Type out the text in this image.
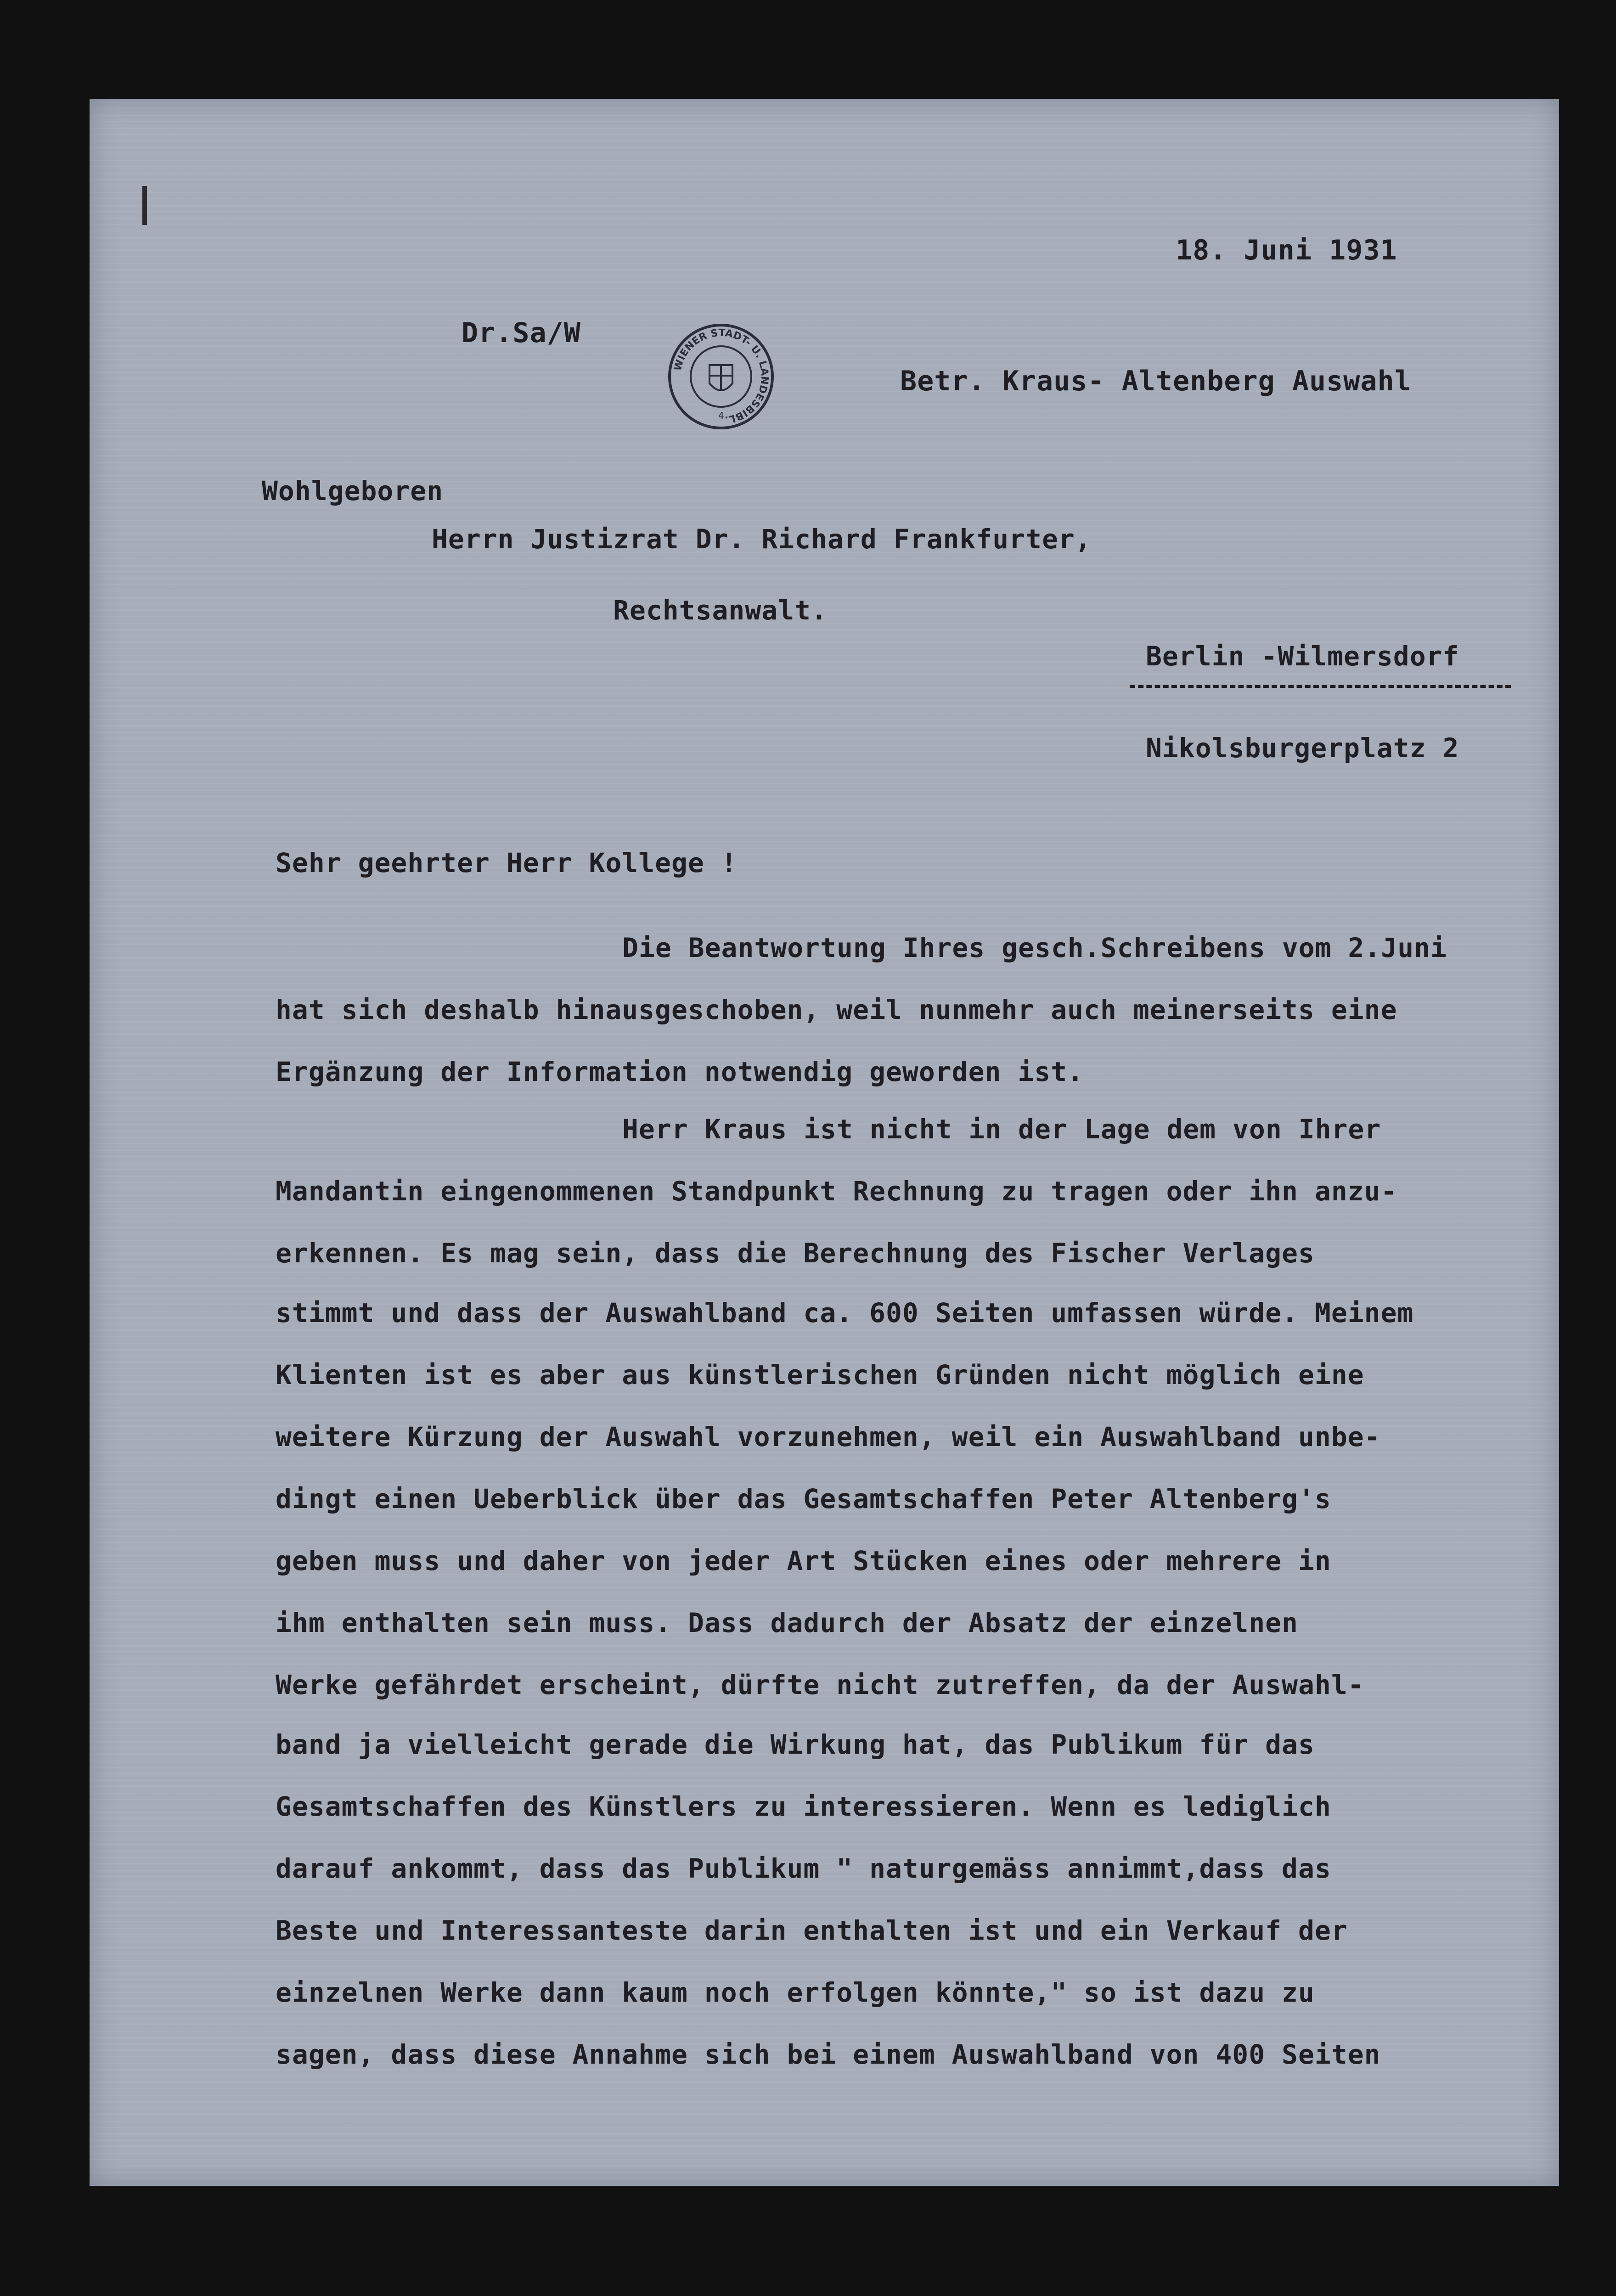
18. Juni 1931
Dr.Sa/W
Betr. Kraus- Altenberg Auswahl
WIENER STADT- U. LANDESBIBL.
4
Wohlgeboren
Herrn Justizrat Dr. Richard Frankfurter,
Rechtsanwalt.
Berlin -Wilmersdorf
Nikolsburgerplatz 2
Sehr geehrter Herr Kollege !
Die Beantwortung Ihres gesch.Schreibens vom 2.Juni
hat sich deshalb hinausgeschoben, weil nunmehr auch meinerseits eine
Ergänzung der Information notwendig geworden ist.
Herr Kraus ist nicht in der Lage dem von Ihrer
Mandantin eingenommenen Standpunkt Rechnung zu tragen oder ihn anzu-
erkennen. Es mag sein, dass die Berechnung des Fischer Verlages
stimmt und dass der Auswahlband ca. 600 Seiten umfassen würde. Meinem
Klienten ist es aber aus künstlerischen Gründen nicht möglich eine
weitere Kürzung der Auswahl vorzunehmen, weil ein Auswahlband unbe-
dingt einen Ueberblick über das Gesamtschaffen Peter Altenberg's
geben muss und daher von jeder Art Stücken eines oder mehrere in
ihm enthalten sein muss. Dass dadurch der Absatz der einzelnen
Werke gefährdet erscheint, dürfte nicht zutreffen, da der Auswahl-
band ja vielleicht gerade die Wirkung hat, das Publikum für das
Gesamtschaffen des Künstlers zu interessieren. Wenn es lediglich
darauf ankommt, dass das Publikum " naturgemäss annimmt,dass das
Beste und Interessanteste darin enthalten ist und ein Verkauf der
einzelnen Werke dann kaum noch erfolgen könnte," so ist dazu zu
sagen, dass diese Annahme sich bei einem Auswahlband von 400 Seiten
